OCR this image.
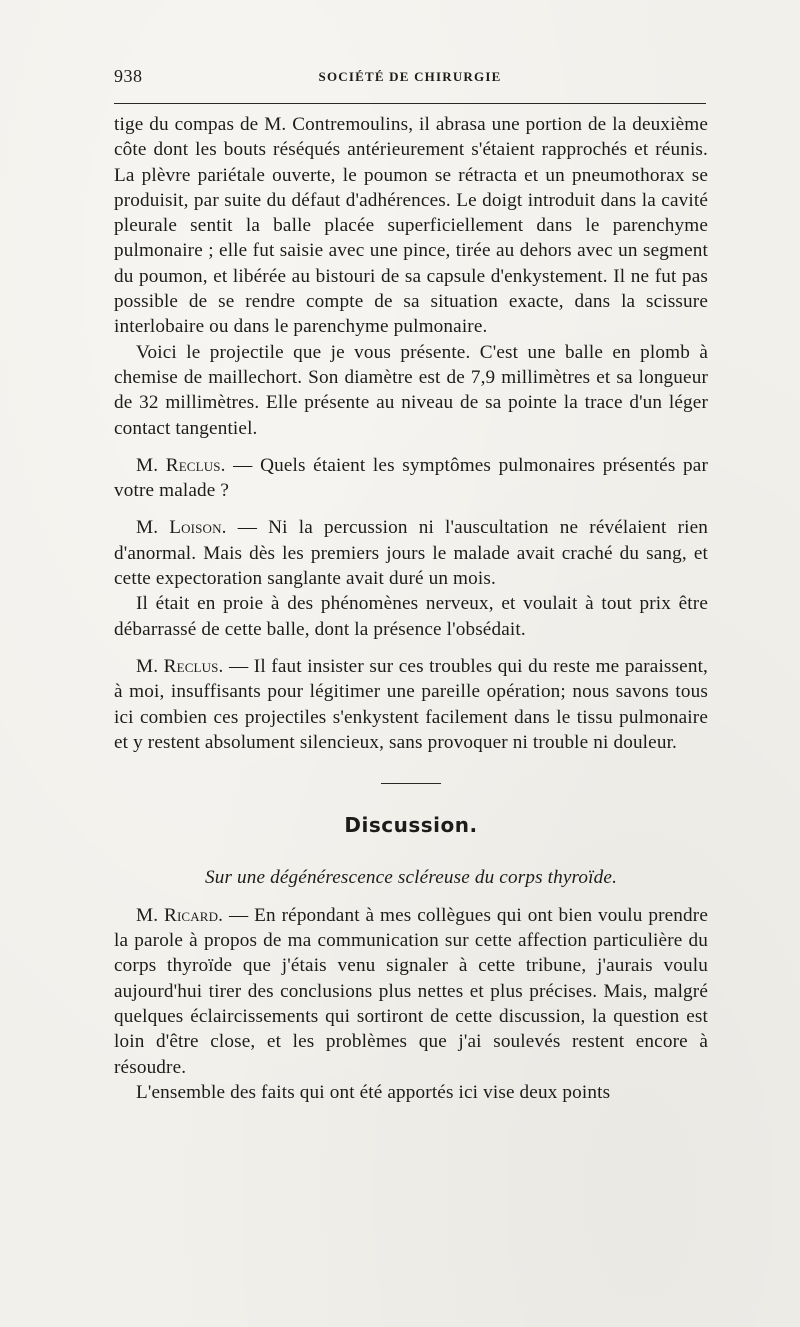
938	SOCIÉTÉ DE CHIRURGIE

tige du compas de M. Contremoulins, il abrasa une portion de la deuxième côte dont les bouts réséqués antérieurement s'étaient rapprochés et réunis. La plèvre pariétale ouverte, le poumon se rétracta et un pneumothorax se produisit, par suite du défaut d'adhérences. Le doigt introduit dans la cavité pleurale sentit la balle placée superficiellement dans le parenchyme pulmonaire ; elle fut saisie avec une pince, tirée au dehors avec un segment du poumon, et libérée au bistouri de sa capsule d'enkystement. Il ne fut pas possible de se rendre compte de sa situation exacte, dans la scissure interlobaire ou dans le parenchyme pulmonaire.

Voici le projectile que je vous présente. C'est une balle en plomb à chemise de maillechort. Son diamètre est de 7,9 millimètres et sa longueur de 32 millimètres. Elle présente au niveau de sa pointe la trace d'un léger contact tangentiel.

M. Reclus. — Quels étaient les symptômes pulmonaires présentés par votre malade ?

M. Loison. — Ni la percussion ni l'auscultation ne révélaient rien d'anormal. Mais dès les premiers jours le malade avait craché du sang, et cette expectoration sanglante avait duré un mois.

Il était en proie à des phénomènes nerveux, et voulait à tout prix être débarrassé de cette balle, dont la présence l'obsédait.

M. Reclus. — Il faut insister sur ces troubles qui du reste me paraissent, à moi, insuffisants pour légitimer une pareille opération; nous savons tous ici combien ces projectiles s'enkystent facilement dans le tissu pulmonaire et y restent absolument silencieux, sans provoquer ni trouble ni douleur.

Discussion.

Sur une dégénérescence scléreuse du corps thyroïde.

M. Ricard. — En répondant à mes collègues qui ont bien voulu prendre la parole à propos de ma communication sur cette affection particulière du corps thyroïde que j'étais venu signaler à cette tribune, j'aurais voulu aujourd'hui tirer des conclusions plus nettes et plus précises. Mais, malgré quelques éclaircissements qui sortiront de cette discussion, la question est loin d'être close, et les problèmes que j'ai soulevés restent encore à résoudre.

L'ensemble des faits qui ont été apportés ici vise deux points
